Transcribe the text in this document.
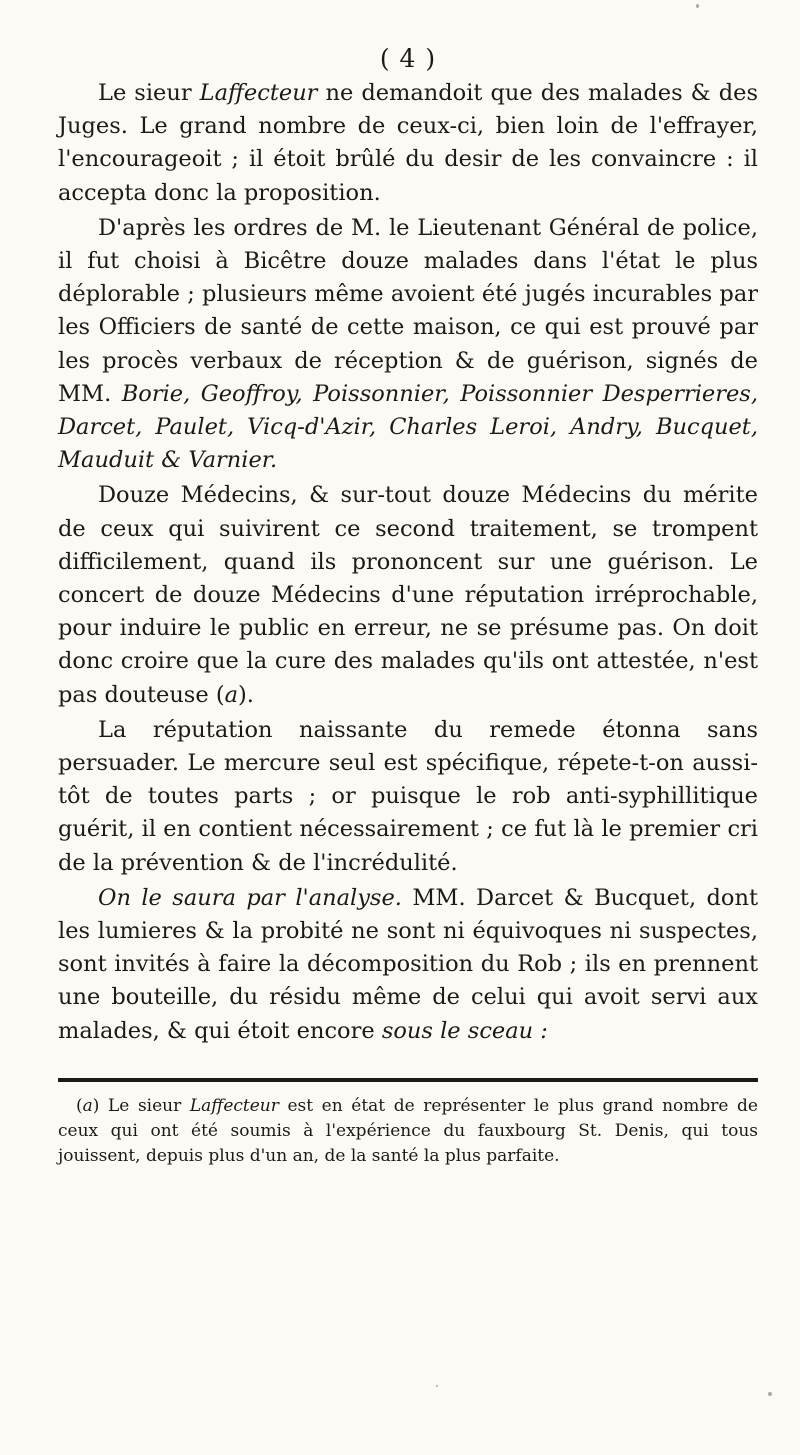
( 4 )

Le sieur Laffecteur ne demandoit que des malades & des Juges. Le grand nombre de ceux-ci, bien loin de l'effrayer, l'encourageoit ; il étoit brûlé du desir de les convaincre : il accepta donc la proposition.

D'après les ordres de M. le Lieutenant Général de police, il fut choisi à Bicêtre douze malades dans l'état le plus déplorable ; plusieurs même avoient été jugés incurables par les Officiers de santé de cette maison, ce qui est prouvé par les procès verbaux de réception & de guérison, signés de MM. Borie, Geoffroy, Poissonnier, Poissonnier Desperrieres, Darcet, Paulet, Vicq-d'Azir, Charles Leroi, Andry, Bucquet, Mauduit & Varnier.

Douze Médecins, & sur-tout douze Médecins du mérite de ceux qui suivirent ce second traitement, se trompent difficilement, quand ils prononcent sur une guérison. Le concert de douze Médecins d'une réputation irréprochable, pour induire le public en erreur, ne se présume pas. On doit donc croire que la cure des malades qu'ils ont attestée, n'est pas douteuse (a).

La réputation naissante du remede étonna sans persuader. Le mercure seul est spécifique, répete-t-on aussi-tôt de toutes parts ; or puisque le rob anti-syphillitique guérit, il en contient nécessairement ; ce fut là le premier cri de la prévention & de l'incrédulité.

On le saura par l'analyse. MM. Darcet & Bucquet, dont les lumieres & la probité ne sont ni équivoques ni suspectes, sont invités à faire la décomposition du Rob ; ils en prennent une bouteille, du résidu même de celui qui avoit servi aux malades, & qui étoit encore sous le sceau :

(a) Le sieur Laffecteur est en état de représenter le plus grand nombre de ceux qui ont été soumis à l'expérience du fauxbourg St. Denis, qui tous jouissent, depuis plus d'un an, de la santé la plus parfaite.
